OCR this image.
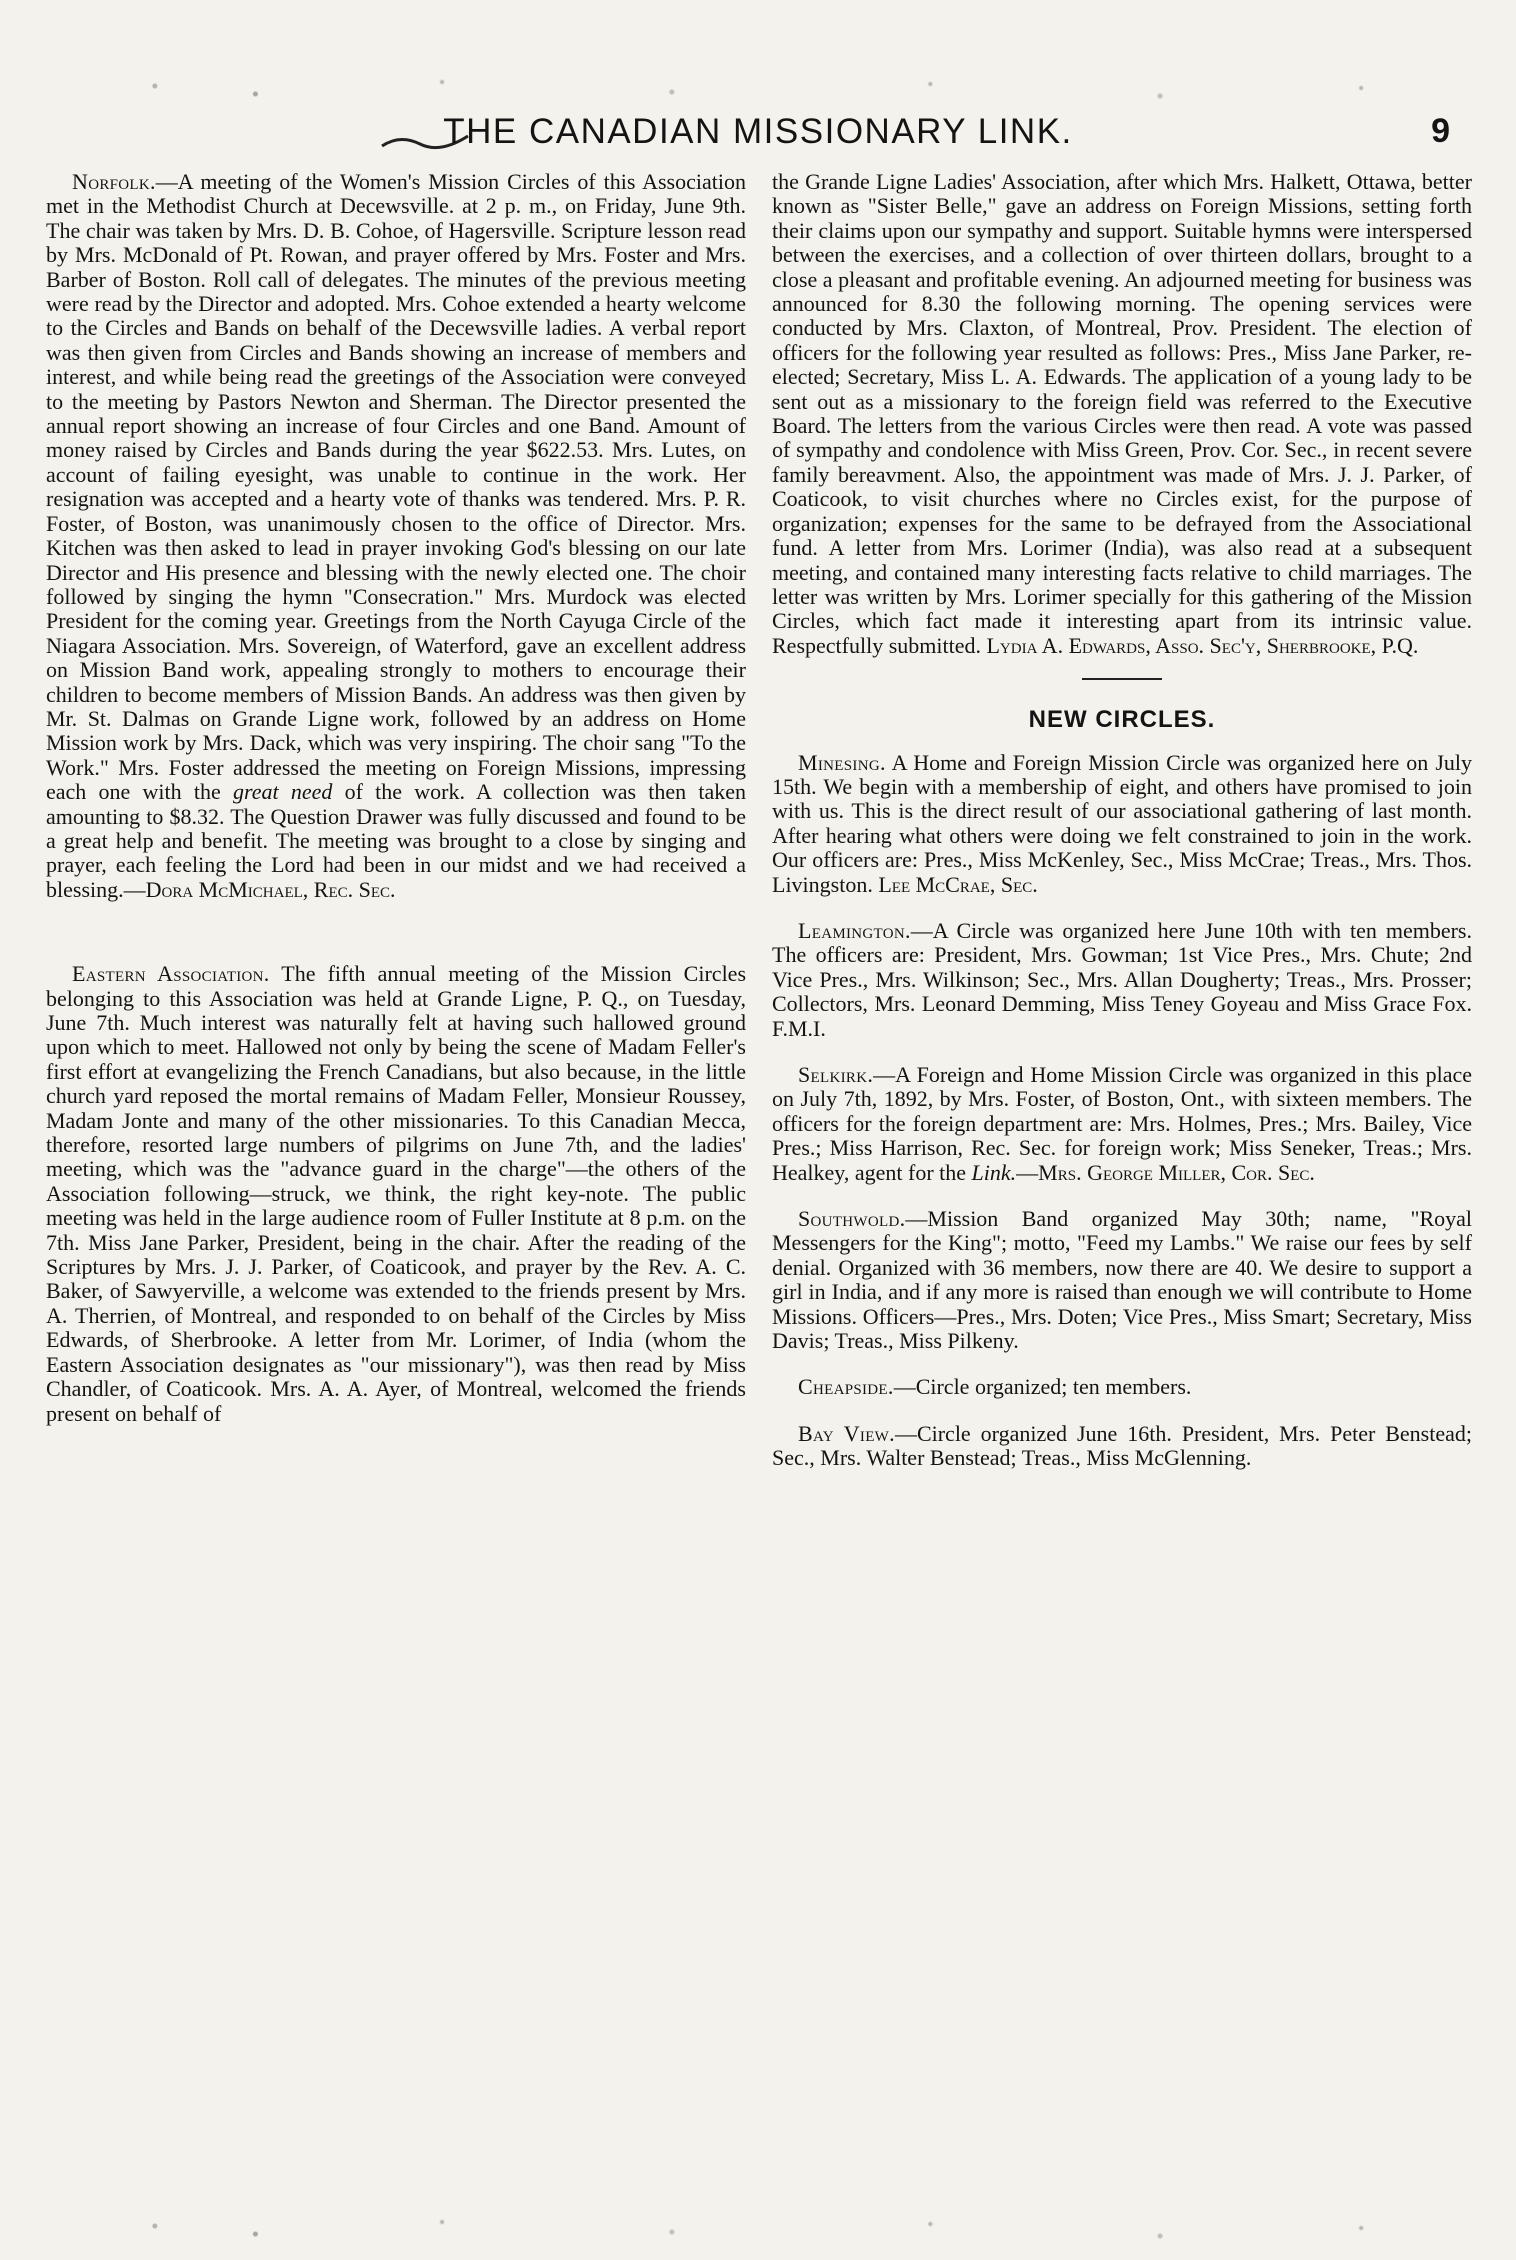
THE CANADIAN MISSIONARY LINK.	9

Norfolk.—A meeting of the Women's Mission Circles of this Association met in the Methodist Church at Decewsville. at 2 p. m., on Friday, June 9th. The chair was taken by Mrs. D. B. Cohoe, of Hagersville. Scripture lesson read by Mrs. McDonald of Pt. Rowan, and prayer offered by Mrs. Foster and Mrs. Barber of Boston. Roll call of delegates. The minutes of the previous meeting were read by the Director and adopted. Mrs. Cohoe extended a hearty welcome to the Circles and Bands on behalf of the Decewsville ladies. A verbal report was then given from Circles and Bands showing an increase of members and interest, and while being read the greetings of the Association were conveyed to the meeting by Pastors Newton and Sherman. The Director presented the annual report showing an increase of four Circles and one Band. Amount of money raised by Circles and Bands during the year $622.53. Mrs. Lutes, on account of failing eyesight, was unable to continue in the work. Her resignation was accepted and a hearty vote of thanks was tendered. Mrs. P. R. Foster, of Boston, was unanimously chosen to the office of Director. Mrs. Kitchen was then asked to lead in prayer invoking God's blessing on our late Director and His presence and blessing with the newly elected one. The choir followed by singing the hymn "Consecration." Mrs. Murdock was elected President for the coming year. Greetings from the North Cayuga Circle of the Niagara Association. Mrs. Sovereign, of Waterford, gave an excellent address on Mission Band work, appealing strongly to mothers to encourage their children to become members of Mission Bands. An address was then given by Mr. St. Dalmas on Grande Ligne work, followed by an address on Home Mission work by Mrs. Dack, which was very inspiring. The choir sang "To the Work." Mrs. Foster addressed the meeting on Foreign Missions, impressing each one with the great need of the work. A collection was then taken amounting to $8.32. The Question Drawer was fully discussed and found to be a great help and benefit. The meeting was brought to a close by singing and prayer, each feeling the Lord had been in our midst and we had received a blessing.—Dora McMichael, Rec. Sec.

Eastern Association. The fifth annual meeting of the Mission Circles belonging to this Association was held at Grande Ligne, P. Q., on Tuesday, June 7th. Much interest was naturally felt at having such hallowed ground upon which to meet. Hallowed not only by being the scene of Madam Feller's first effort at evangelizing the French Canadians, but also because, in the little church yard reposed the mortal remains of Madam Feller, Monsieur Roussey, Madam Jonte and many of the other missionaries. To this Canadian Mecca, therefore, resorted large numbers of pilgrims on June 7th, and the ladies' meeting, which was the "advance guard in the charge"—the others of the Association following—struck, we think, the right key-note. The public meeting was held in the large audience room of Fuller Institute at 8 p.m. on the 7th. Miss Jane Parker, President, being in the chair. After the reading of the Scriptures by Mrs. J. J. Parker, of Coaticook, and prayer by the Rev. A. C. Baker, of Sawyerville, a welcome was extended to the friends present by Mrs. A. Therrien, of Montreal, and responded to on behalf of the Circles by Miss Edwards, of Sherbrooke. A letter from Mr. Lorimer, of India (whom the Eastern Association designates as "our missionary"), was then read by Miss Chandler, of Coaticook. Mrs. A. A. Ayer, of Montreal, welcomed the friends present on behalf of

the Grande Ligne Ladies' Association, after which Mrs. Halkett, Ottawa, better known as "Sister Belle," gave an address on Foreign Missions, setting forth their claims upon our sympathy and support. Suitable hymns were interspersed between the exercises, and a collection of over thirteen dollars, brought to a close a pleasant and profitable evening. An adjourned meeting for business was announced for 8.30 the following morning. The opening services were conducted by Mrs. Claxton, of Montreal, Prov. President. The election of officers for the following year resulted as follows: Pres., Miss Jane Parker, re-elected; Secretary, Miss L. A. Edwards. The application of a young lady to be sent out as a missionary to the foreign field was referred to the Executive Board. The letters from the various Circles were then read. A vote was passed of sympathy and condolence with Miss Green, Prov. Cor. Sec., in recent severe family bereavment. Also, the appointment was made of Mrs. J. J. Parker, of Coaticook, to visit churches where no Circles exist, for the purpose of organization; expenses for the same to be defrayed from the Associational fund. A letter from Mrs. Lorimer (India), was also read at a subsequent meeting, and contained many interesting facts relative to child marriages. The letter was written by Mrs. Lorimer specially for this gathering of the Mission Circles, which fact made it interesting apart from its intrinsic value. Respectfully submitted. Lydia A. Edwards, Asso. Sec'y, Sherbrooke, P.Q.

NEW CIRCLES.

Minesing. A Home and Foreign Mission Circle was organized here on July 15th. We begin with a membership of eight, and others have promised to join with us. This is the direct result of our associational gathering of last month. After hearing what others were doing we felt constrained to join in the work. Our officers are: Pres., Miss McKenley, Sec., Miss McCrae; Treas., Mrs. Thos. Livingston. Lee McCrae, Sec.

Leamington.—A Circle was organized here June 10th with ten members. The officers are: President, Mrs. Gowman; 1st Vice Pres., Mrs. Chute; 2nd Vice Pres., Mrs. Wilkinson; Sec., Mrs. Allan Dougherty; Treas., Mrs. Prosser; Collectors, Mrs. Leonard Demming, Miss Teney Goyeau and Miss Grace Fox. F.M.I.

Selkirk.—A Foreign and Home Mission Circle was organized in this place on July 7th, 1892, by Mrs. Foster, of Boston, Ont., with sixteen members. The officers for the foreign department are: Mrs. Holmes, Pres.; Mrs. Bailey, Vice Pres.; Miss Harrison, Rec. Sec. for foreign work; Miss Seneker, Treas.; Mrs. Healkey, agent for the Link.—Mrs. George Miller, Cor. Sec.

Southwold.—Mission Band organized May 30th; name, "Royal Messengers for the King"; motto, "Feed my Lambs." We raise our fees by self denial. Organized with 36 members, now there are 40. We desire to support a girl in India, and if any more is raised than enough we will contribute to Home Missions. Officers—Pres., Mrs. Doten; Vice Pres., Miss Smart; Secretary, Miss Davis; Treas., Miss Pilkeny.

Cheapside.—Circle organized; ten members.

Bay View.—Circle organized June 16th. President, Mrs. Peter Benstead; Sec., Mrs. Walter Benstead; Treas., Miss McGlenning.
